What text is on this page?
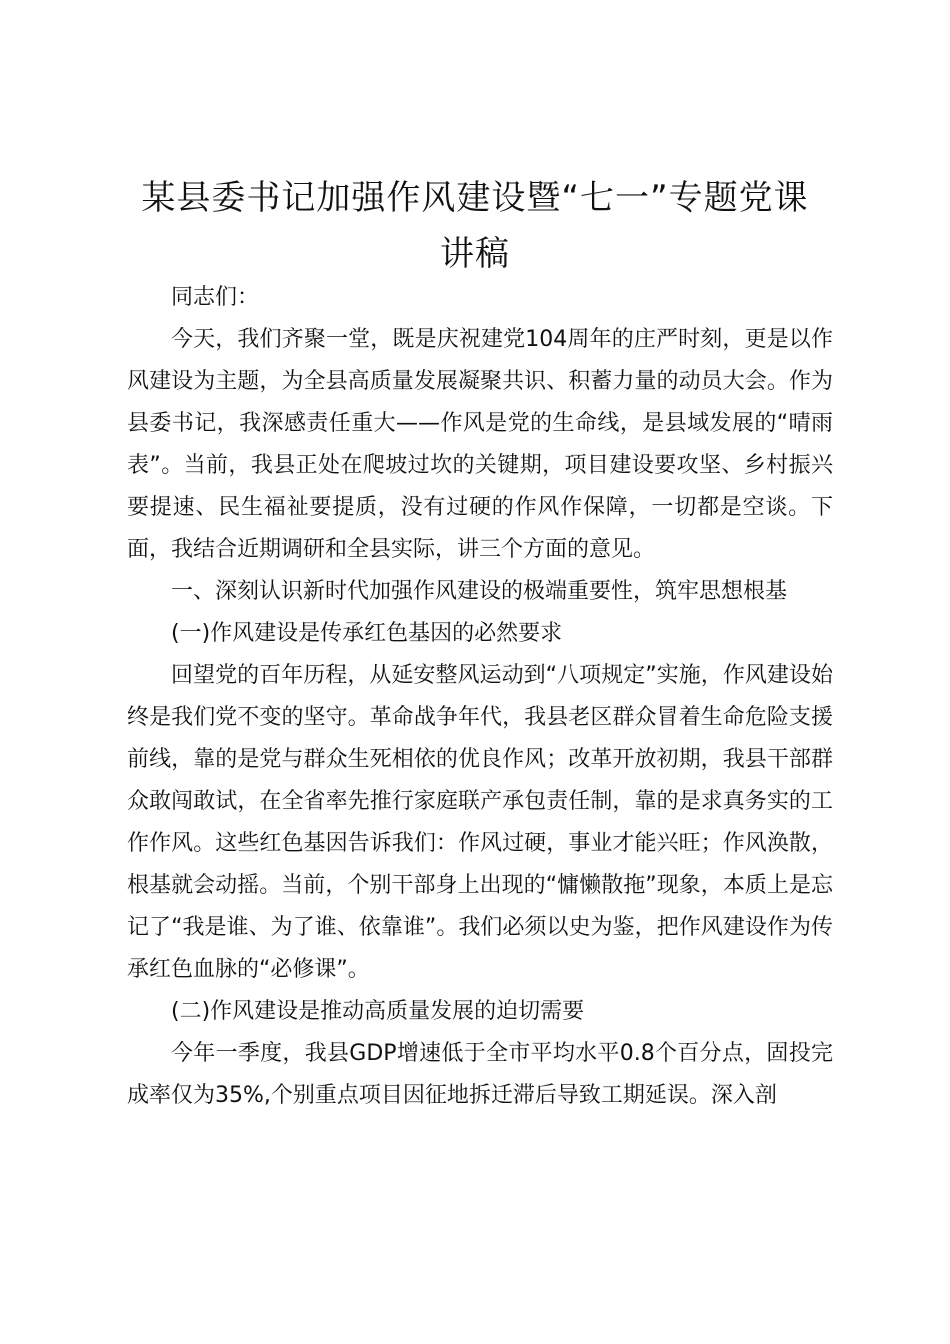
某县委书记加强作风建设暨“七一”专题党课
讲稿

同志们：

今天，我们齐聚一堂，既是庆祝建党104周年的庄严时刻，更是以作风建设为主题，为全县高质量发展凝聚共识、积蓄力量的动员大会。作为县委书记，我深感责任重大——作风是党的生命线，是县域发展的“晴雨表”。当前，我县正处在爬坡过坎的关键期，项目建设要攻坚、乡村振兴要提速、民生福祉要提质，没有过硬的作风作保障，一切都是空谈。下面，我结合近期调研和全县实际，讲三个方面的意见。

一、深刻认识新时代加强作风建设的极端重要性，筑牢思想根基

(一)作风建设是传承红色基因的必然要求

回望党的百年历程，从延安整风运动到“八项规定”实施，作风建设始终是我们党不变的坚守。革命战争年代，我县老区群众冒着生命危险支援前线，靠的是党与群众生死相依的优良作风；改革开放初期，我县干部群众敢闯敢试，在全省率先推行家庭联产承包责任制，靠的是求真务实的工作作风。这些红色基因告诉我们：作风过硬，事业才能兴旺；作风涣散，根基就会动摇。当前，个别干部身上出现的“慵懒散拖”现象，本质上是忘记了“我是谁、为了谁、依靠谁”。我们必须以史为鉴，把作风建设作为传承红色血脉的“必修课”。

(二)作风建设是推动高质量发展的迫切需要

今年一季度，我县GDP增速低于全市平均水平0.8个百分点，固投完成率仅为35%,个别重点项目因征地拆迁滞后导致工期延误。深入剖
